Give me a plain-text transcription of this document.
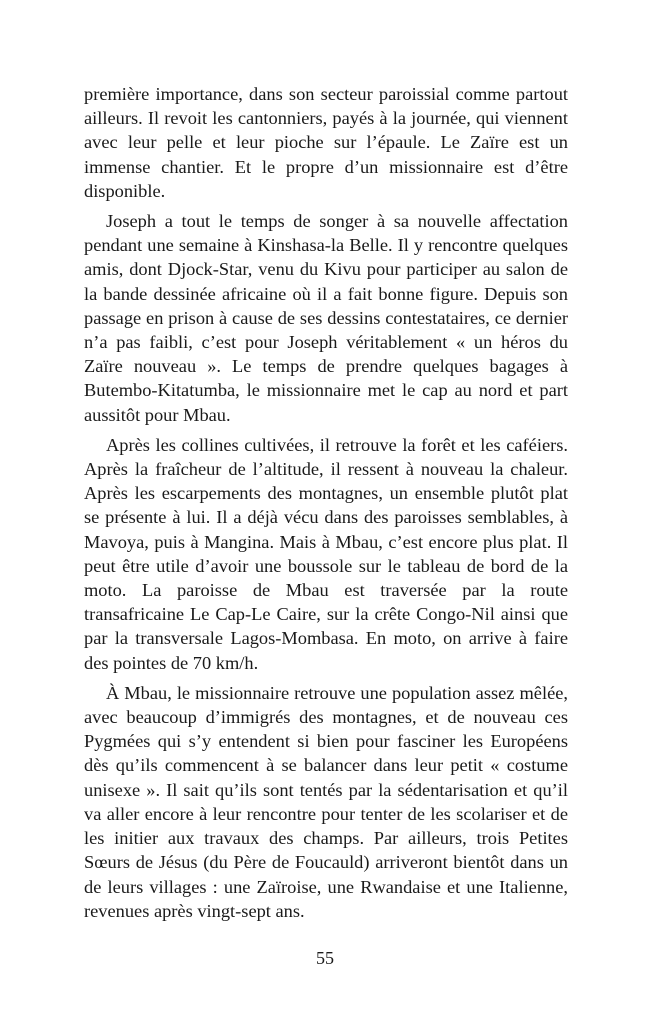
première importance, dans son secteur paroissial comme partout ailleurs. Il revoit les cantonniers, payés à la journée, qui viennent avec leur pelle et leur pioche sur l’épaule. Le Zaïre est un immense chantier. Et le propre d’un missionnaire est d’être disponible.

Joseph a tout le temps de songer à sa nouvelle affectation pendant une semaine à Kinshasa-la Belle. Il y rencontre quelques amis, dont Djock-Star, venu du Kivu pour participer au salon de la bande dessinée africaine où il a fait bonne figure. Depuis son passage en prison à cause de ses dessins contestataires, ce dernier n’a pas faibli, c’est pour Joseph véritablement « un héros du Zaïre nouveau ». Le temps de prendre quelques bagages à Butembo-Kitatumba, le missionnaire met le cap au nord et part aussitôt pour Mbau.

Après les collines cultivées, il retrouve la forêt et les caféiers. Après la fraîcheur de l’altitude, il ressent à nouveau la chaleur. Après les escarpements des montagnes, un ensemble plutôt plat se présente à lui. Il a déjà vécu dans des paroisses semblables, à Mavoya, puis à Mangina. Mais à Mbau, c’est encore plus plat. Il peut être utile d’avoir une boussole sur le tableau de bord de la moto. La paroisse de Mbau est traversée par la route transafricaine Le Cap-Le Caire, sur la crête Congo-Nil ainsi que par la transversale Lagos-Mombasa. En moto, on arrive à faire des pointes de 70 km/h.

À Mbau, le missionnaire retrouve une population assez mêlée, avec beaucoup d’immigrés des montagnes, et de nouveau ces Pygmées qui s’y entendent si bien pour fasciner les Européens dès qu’ils commencent à se balancer dans leur petit « costume unisexe ». Il sait qu’ils sont tentés par la sédentarisation et qu’il va aller encore à leur rencontre pour tenter de les scolariser et de les initier aux travaux des champs. Par ailleurs, trois Petites Sœurs de Jésus (du Père de Foucauld) arriveront bientôt dans un de leurs villages : une Zaïroise, une Rwandaise et une Italienne, revenues après vingt-sept ans.

55
